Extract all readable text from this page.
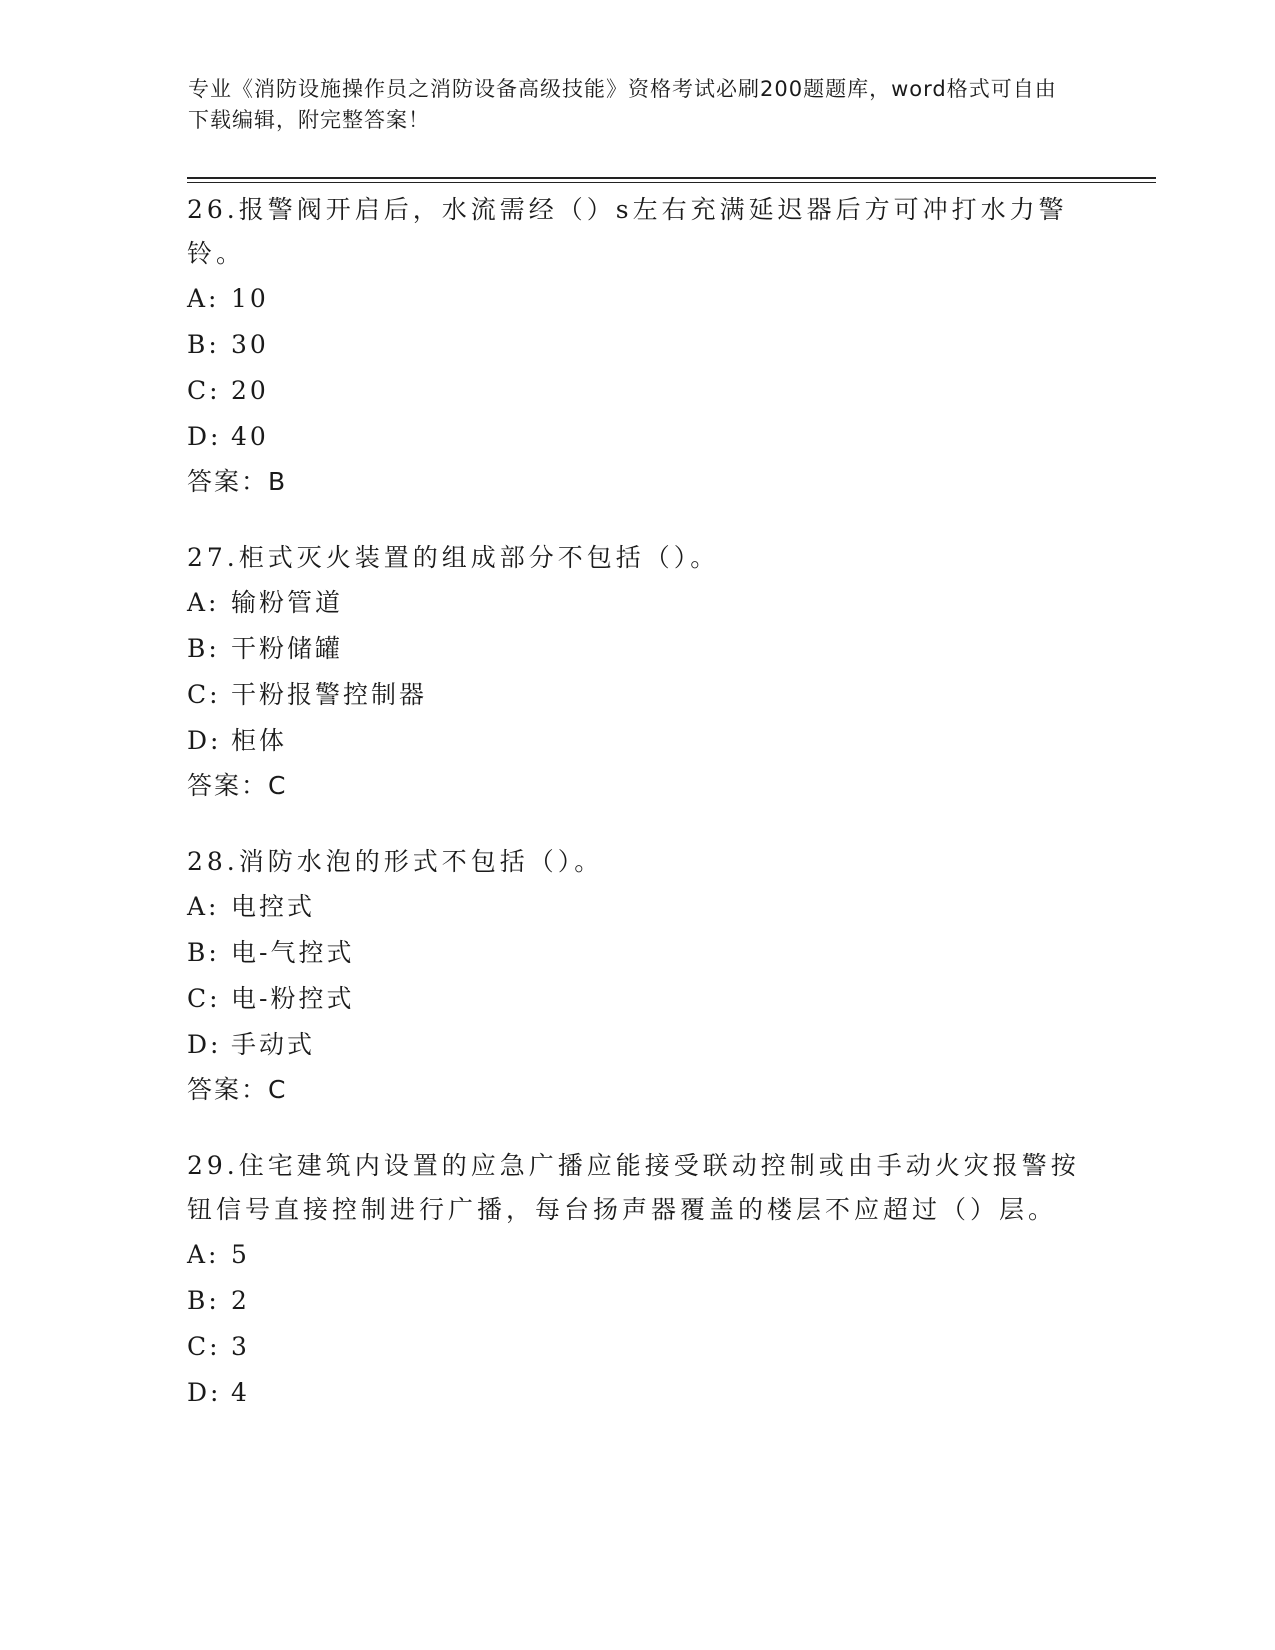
专业《消防设施操作员之消防设备高级技能》资格考试必刷200题题库，word格式可自由下载编辑，附完整答案！

26.报警阀开启后，水流需经（）s左右充满延迟器后方可冲打水力警铃。

A: 10

B: 30

C: 20

D: 40

答案：B

27.柜式灭火装置的组成部分不包括（）。

A: 输粉管道

B: 干粉储罐

C: 干粉报警控制器

D: 柜体

答案：C

28.消防水泡的形式不包括（）。

A: 电控式

B: 电-气控式

C: 电-粉控式

D: 手动式

答案：C

29.住宅建筑内设置的应急广播应能接受联动控制或由手动火灾报警按钮信号直接控制进行广播，每台扬声器覆盖的楼层不应超过（）层。

A: 5

B: 2

C: 3

D: 4
